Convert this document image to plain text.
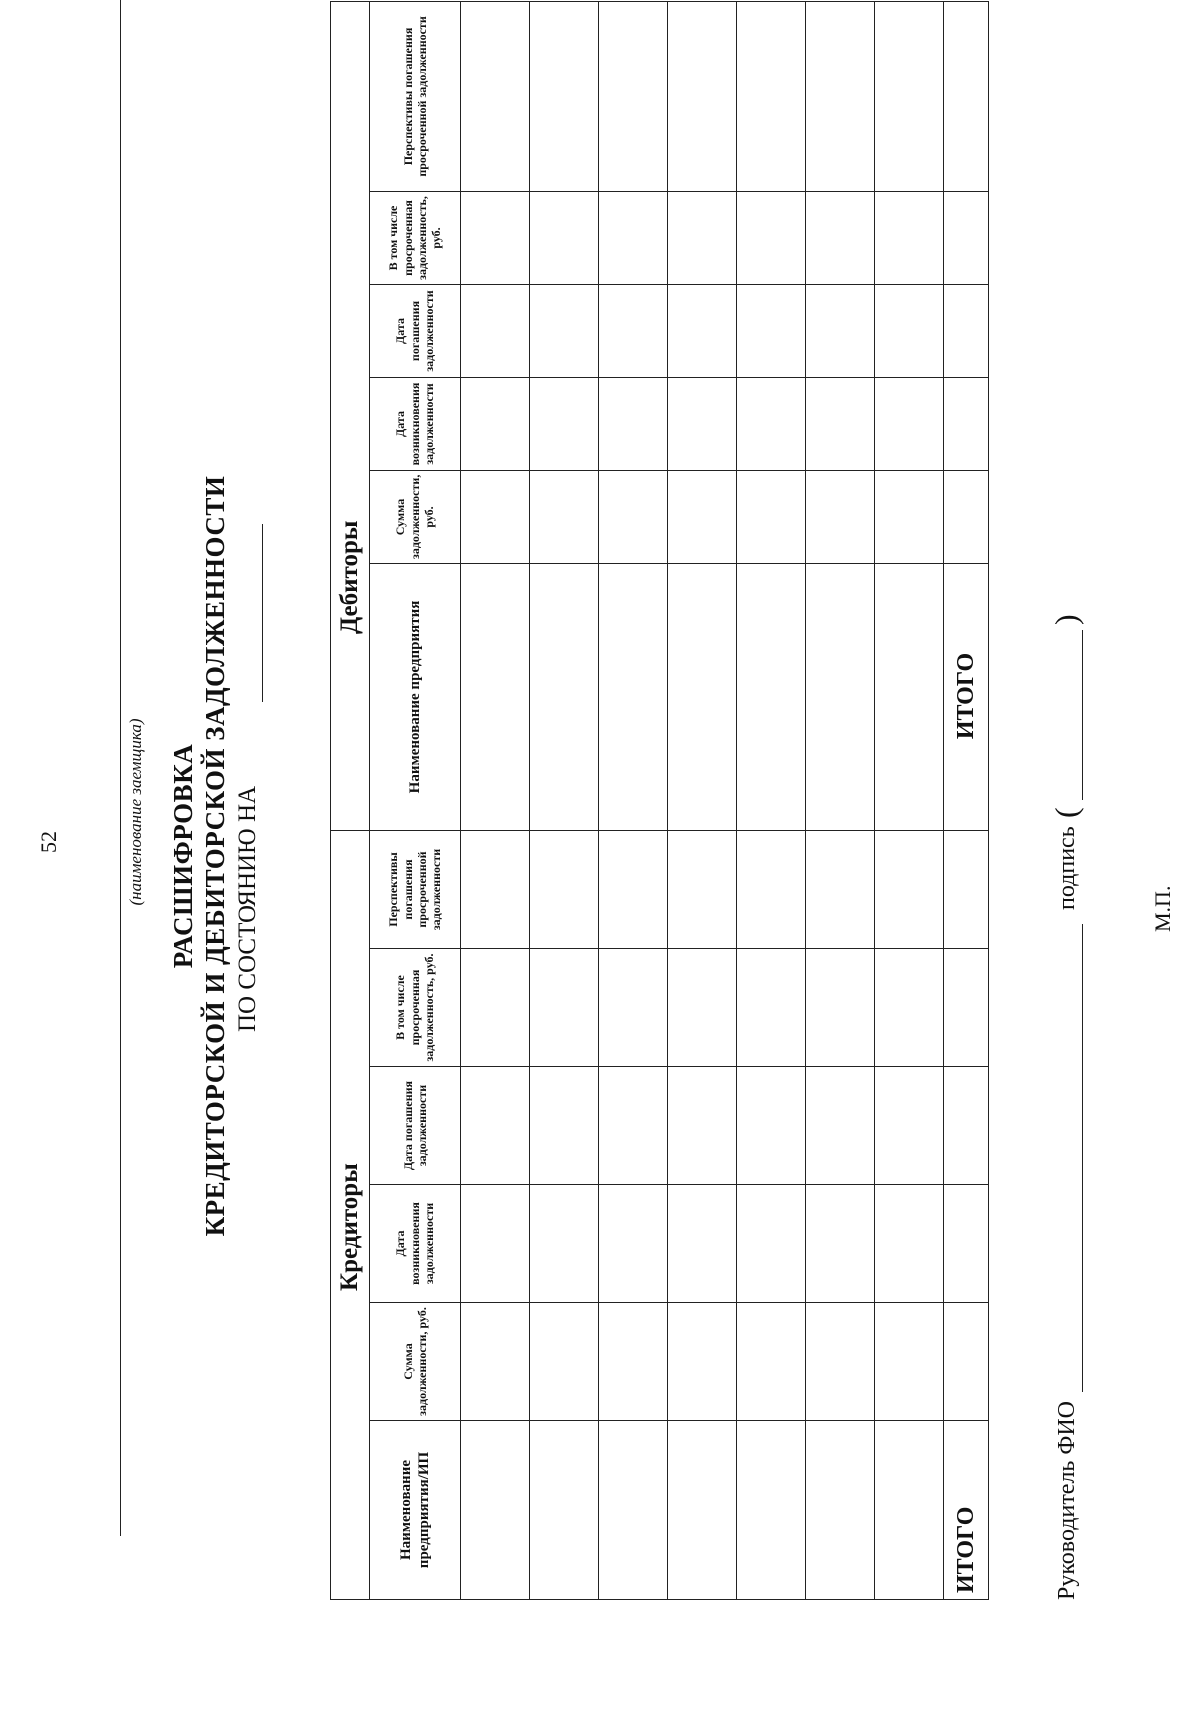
52	(наименование заемщика) РАСШИФРОВКА КРЕДИТОРСКОЙ И ДЕБИТОРСКОЙ ЗАДОЛЖЕННОСТИ ПО СОСТОЯНИЮ НА
Кредиторы						Дебиторы					
Наименование предприятия/ИП	Сумма задолженности, руб.	Дата возникновения задолженности	Дата погашения задолженности	В том числе просроченная задолженность, руб.	Перспективы погашения просроченной задолженности	Наименование предприятия	Сумма задолженности, руб.	Дата возникновения задолженности	Дата погашения задолженности	В том числе просроченная задолженность, руб.	Перспективы погашения просроченной задолженности

ИТОГО						ИТОГО					
Руководитель ФИО
подпись
(
)
М.П.
